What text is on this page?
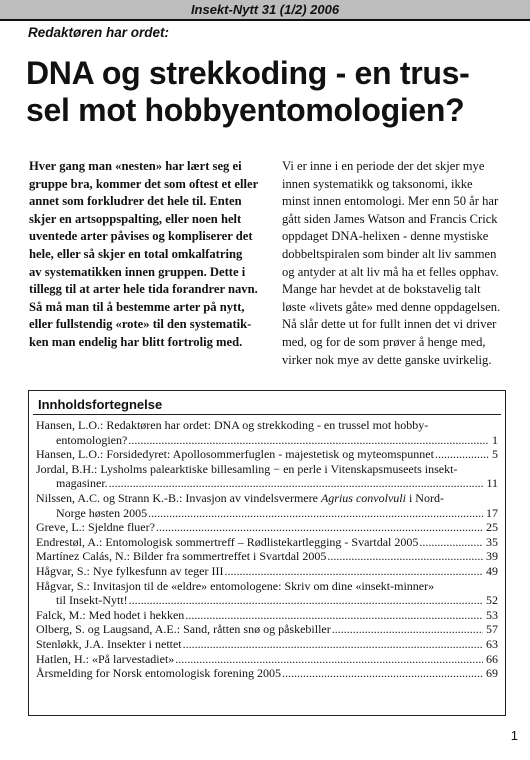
Insekt-Nytt 31 (1/2) 2006
Redaktøren har ordet:
DNA og strekkoding - en trus-
sel mot hobbyentomologien?
Hver gang man «nesten» har lært seg ei
gruppe bra, kommer det som oftest et eller
annet som forkludrer det hele til. Enten
skjer en artsoppspalting, eller noen helt
uventede arter påvises og kompliserer det
hele, eller så skjer en total omkalfatring
av systematikken innen gruppen. Dette i
tillegg til at arter hele tida forandrer navn.
Så må man til å bestemme arter på nytt,
eller fullstendig «rote» til den systematik-
ken man endelig har blitt fortrolig med.
Vi er inne i en periode der det skjer mye
innen systematikk og taksonomi, ikke
minst innen entomologi. Mer enn 50 år har
gått siden James Watson and Francis Crick
oppdaget DNA-helixen - denne mystiske
dobbeltspiralen som binder alt liv sammen
og antyder at alt liv må ha et felles opphav.
Mange har hevdet at de bokstavelig talt
løste «livets gåte» med denne oppdagelsen.
Nå slår dette ut for fullt innen det vi driver
med, og for de som prøver å henge med,
virker nok mye av dette ganske uvirkelig.
Innholdsfortegnelse
Hansen, L.O.: Redaktøren har ordet: DNA og strekkoding - en trussel mot hobby-
entomologien? .....	1
Hansen, L.O.: Forsidedyret: Apollosommerfuglen - majestetisk og myteomspunnet .....	5
Jordal, B.H.: Lysholms palearktiske billesamling − en perle i Vitenskapsmuseets insekt-
magasiner. .....	11
Nilssen, A.C. og Strann K.-B.: Invasjon av vindelsvermere Agrius convolvuli i Nord-
Norge høsten 2005 .....	17
Greve, L.: Sjeldne fluer? .....	25
Endrestøl, A.: Entomologisk sommertreff – Rødlistekartlegging - Svartdal 2005 .....	35
Martínez Calás, N.: Bilder fra sommertreffet i Svartdal 2005 .....	39
Hågvar, S.: Nye fylkesfunn av teger III .....	49
Hågvar, S.: Invitasjon til de «eldre» entomologene: Skriv om dine «insekt-minner»
til Insekt-Nytt! .....	52
Falck, M.: Med hodet i hekken .....	53
Olberg, S. og Laugsand, A.E.: Sand, råtten snø og påskebiller .....	57
Stenløkk, J.A. Insekter i nettet .....	63
Hatlen, H.: «På larvestadiet» .....	66
Årsmelding for Norsk entomologisk forening 2005 .....	69
1
